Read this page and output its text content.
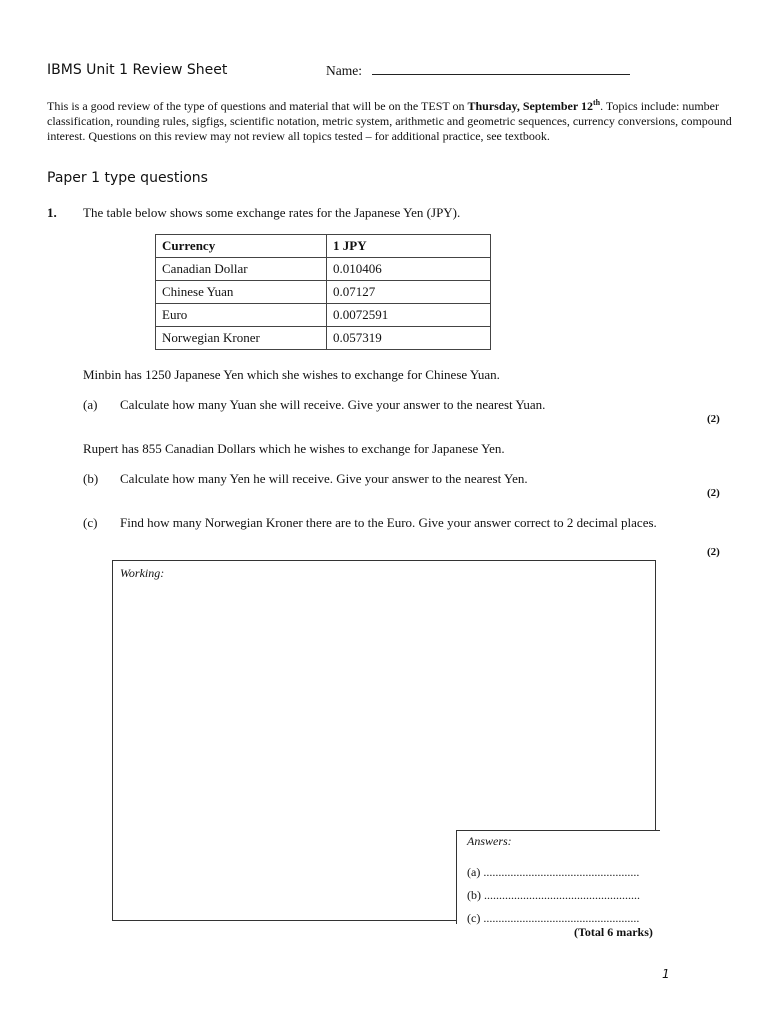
IBMS Unit 1 Review Sheet	Name:
This is a good review of the type of questions and material that will be on the TEST on Thursday, September 12th. Topics include: number classification, rounding rules, sigfigs, scientific notation, metric system, arithmetic and geometric sequences, currency conversions, compound interest. Questions on this review may not review all topics tested – for additional practice, see textbook.
Paper 1 type questions
1. The table below shows some exchange rates for the Japanese Yen (JPY).
Currency	1 JPY
Canadian Dollar	0.010406
Chinese Yuan	0.07127
Euro	0.0072591
Norwegian Kroner	0.057319
Minbin has 1250 Japanese Yen which she wishes to exchange for Chinese Yuan.
(a) Calculate how many Yuan she will receive. Give your answer to the nearest Yuan.
(2)
Rupert has 855 Canadian Dollars which he wishes to exchange for Japanese Yen.
(b) Calculate how many Yen he will receive. Give your answer to the nearest Yen.
(2)
(c) Find how many Norwegian Kroner there are to the Euro. Give your answer correct to 2 decimal places.
(2)
Working:
Answers:
(a) ....................................................
(b) ....................................................
(c) ....................................................
(Total 6 marks)
1
